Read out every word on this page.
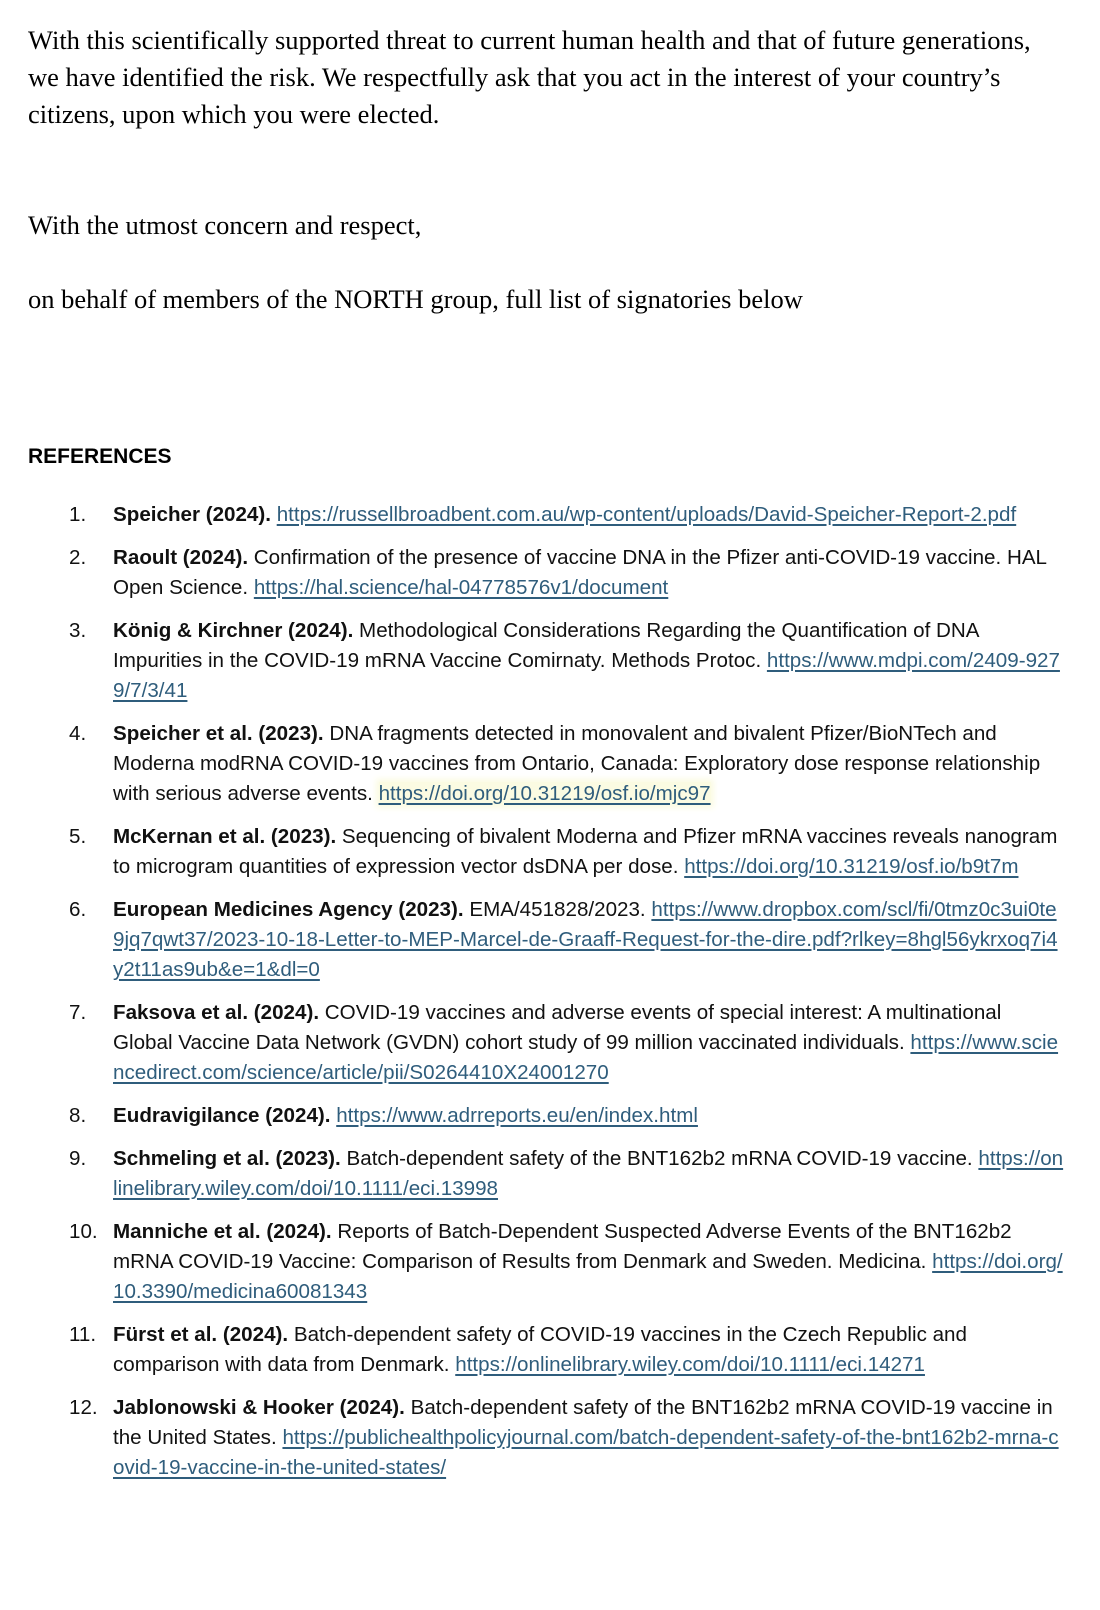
With this scientifically supported threat to current human health and that of future generations, we have identified the risk. We respectfully ask that you act in the interest of your country’s citizens, upon which you were elected.

With the utmost concern and respect,

on behalf of members of the NORTH group, full list of signatories below

REFERENCES
1. Speicher (2024). https://russellbroadbent.com.au/wp-content/uploads/David-Speicher-Report-2.pdf
2. Raoult (2024). Confirmation of the presence of vaccine DNA in the Pfizer anti-COVID-19 vaccine. HAL Open Science. https://hal.science/hal-04778576v1/document
3. König & Kirchner (2024). Methodological Considerations Regarding the Quantification of DNA Impurities in the COVID-19 mRNA Vaccine Comirnaty. Methods Protoc. https://www.mdpi.com/2409-9279/7/3/41
4. Speicher et al. (2023). DNA fragments detected in monovalent and bivalent Pfizer/BioNTech and Moderna modRNA COVID-19 vaccines from Ontario, Canada: Exploratory dose response relationship with serious adverse events. https://doi.org/10.31219/osf.io/mjc97
5. McKernan et al. (2023). Sequencing of bivalent Moderna and Pfizer mRNA vaccines reveals nanogram to microgram quantities of expression vector dsDNA per dose. https://doi.org/10.31219/osf.io/b9t7m
6. European Medicines Agency (2023). EMA/451828/2023. https://www.dropbox.com/scl/fi/0tmz0c3ui0te9jq7qwt37/2023-10-18-Letter-to-MEP-Marcel-de-Graaff-Request-for-the-dire.pdf?rlkey=8hgl56ykrxoq7i4y2t11as9ub&e=1&dl=0
7. Faksova et al. (2024). COVID-19 vaccines and adverse events of special interest: A multinational Global Vaccine Data Network (GVDN) cohort study of 99 million vaccinated individuals. https://www.sciencedirect.com/science/article/pii/S0264410X24001270
8. Eudravigilance (2024). https://www.adrreports.eu/en/index.html
9. Schmeling et al. (2023). Batch-dependent safety of the BNT162b2 mRNA COVID-19 vaccine. https://onlinelibrary.wiley.com/doi/10.1111/eci.13998
10. Manniche et al. (2024). Reports of Batch-Dependent Suspected Adverse Events of the BNT162b2 mRNA COVID-19 Vaccine: Comparison of Results from Denmark and Sweden. Medicina. https://doi.org/10.3390/medicina60081343
11. Fürst et al. (2024). Batch-dependent safety of COVID-19 vaccines in the Czech Republic and comparison with data from Denmark. https://onlinelibrary.wiley.com/doi/10.1111/eci.14271
12. Jablonowski & Hooker (2024). Batch-dependent safety of the BNT162b2 mRNA COVID-19 vaccine in the United States. https://publichealthpolicyjournal.com/batch-dependent-safety-of-the-bnt162b2-mrna-covid-19-vaccine-in-the-united-states/
